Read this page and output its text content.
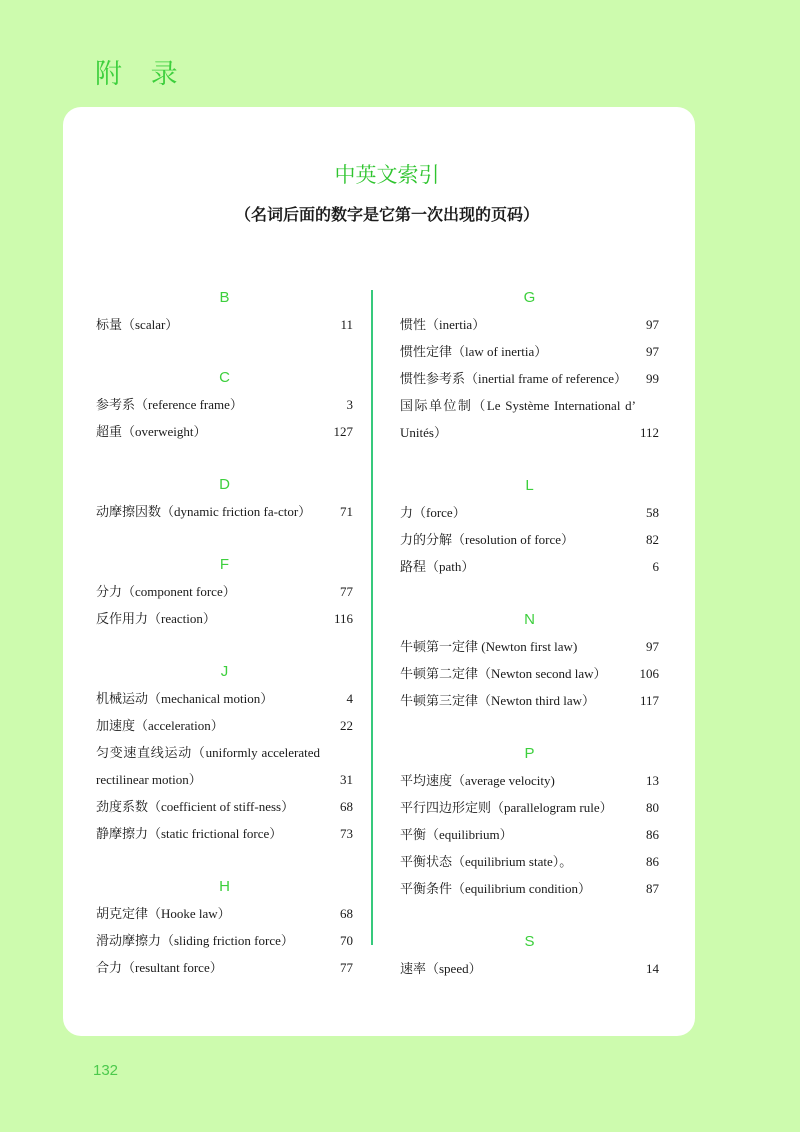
附 录
中英文索引
（名词后面的数字是它第一次出现的页码）
B
标量（scalar）	11
C
参考系（reference frame）	3
超重（overweight）	127
D
动摩擦因数（dynamic friction fa-ctor）	71
F
分力（component force）	77
反作用力（reaction）	116
J
机械运动（mechanical motion）	4
加速度（acceleration）	22
匀变速直线运动（uniformly accelerated
rectilinear motion）	31
劲度系数（coefficient of stiff-ness）	68
静摩擦力（static frictional force）	73
H
胡克定律（Hooke law）	68
滑动摩擦力（sliding friction force）	70
合力（resultant force）	77
G
惯性（inertia）	97
惯性定律（law of inertia）	97
惯性参考系（inertial frame of reference）	99
国际单位制（Le Système International d’
Unités）	112
L
力（force）	58
力的分解（resolution of force）	82
路程（path）	6
N
牛顿第一定律 (Newton first law)	97
牛顿第二定律（Newton second law）	106
牛顿第三定律（Newton third law）	117
P
平均速度（average velocity)	13
平行四边形定则（parallelogram rule）	80
平衡（equilibrium）	86
平衡状态（equilibrium state）。	86
平衡条件（equilibrium condition）	87
S
速率（speed）	14
132
